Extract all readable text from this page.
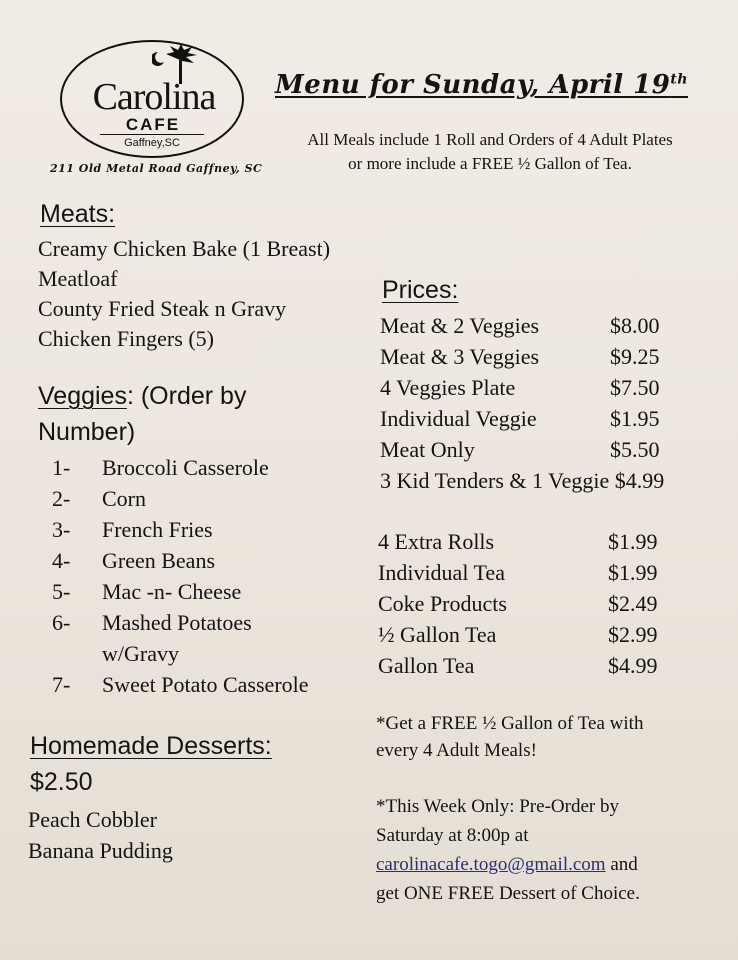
Carolina
CAFE
Gaffney,SC
211 Old Metal Road Gaffney, SC
Menu for Sunday, April 19th
All Meals include 1 Roll and Orders of 4 Adult Plates
or more include a FREE ½ Gallon of Tea.
Meats:
Creamy Chicken Bake (1 Breast)
Meatloaf
County Fried Steak n Gravy
Chicken Fingers (5)
Veggies: (Order by
Number)
1-	Broccoli Casserole
2-	Corn
3-	French Fries
4-	Green Beans
5-	Mac -n- Cheese
6-	Mashed Potatoes
w/Gravy
7-	Sweet Potato Casserole
Homemade Desserts:
$2.50
Peach Cobbler
Banana Pudding
Prices:
Meat & 2 Veggies	$8.00
Meat & 3 Veggies	$9.25
4 Veggies Plate	$7.50
Individual Veggie	$1.95
Meat Only	$5.50
3 Kid Tenders & 1 Veggie $4.99
4 Extra Rolls	$1.99
Individual Tea	$1.99
Coke Products	$2.49
½ Gallon Tea	$2.99
Gallon Tea	$4.99
*Get a FREE ½ Gallon of Tea with
every 4 Adult Meals!
*This Week Only: Pre-Order by
Saturday at 8:00p at
carolinacafe.togo@gmail.com and
get ONE FREE Dessert of Choice.
